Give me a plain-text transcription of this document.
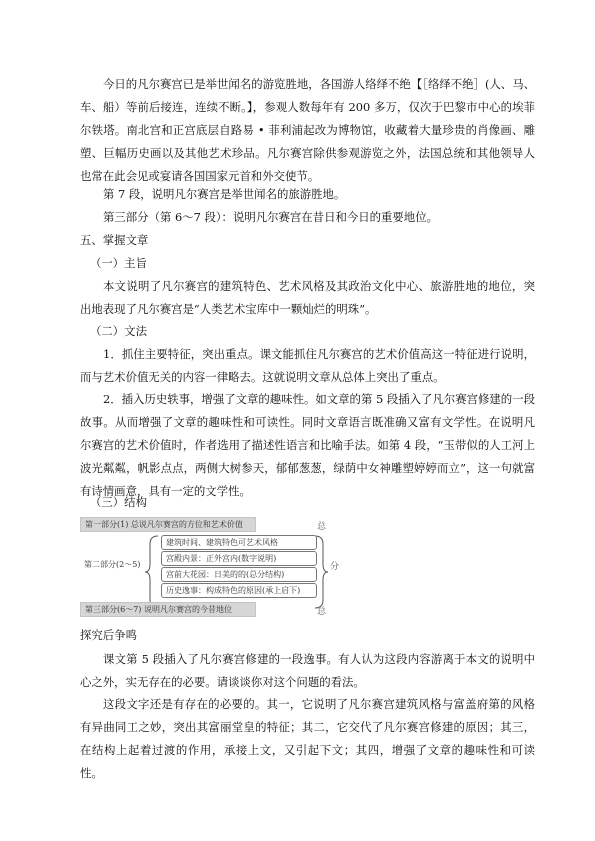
今日的凡尔赛宫已是举世闻名的游览胜地，各国游人络绎不绝【［络绎不绝］(人、马、车、船）等前后接连，连续不断。】，参观人数每年有 200 多万，仅次于巴黎市中心的埃菲尔铁塔。南北宫和正宫底层自路易 • 菲利浦起改为博物馆，收藏着大量珍贵的肖像画、雕塑、巨幅历史画以及其他艺术珍品。凡尔赛宫除供参观游览之外，法国总统和其他领导人也常在此会见或宴请各国国家元首和外交使节。

第 7 段，说明凡尔赛宫是举世闻名的旅游胜地。

第三部分（第 6～7 段）：说明凡尔赛宫在昔日和今日的重要地位。

五、掌握文章

（一）主旨

本文说明了凡尔赛宫的建筑特色、艺术风格及其政治文化中心、旅游胜地的地位，突出地表现了凡尔赛宫是“人类艺术宝库中一颗灿烂的明珠”。

（二）文法

1．抓住主要特征，突出重点。课文能抓住凡尔赛宫的艺术价值高这一特征进行说明，而与艺术价值无关的内容一律略去。这就说明文章从总体上突出了重点。

2．插入历史轶事，增强了文章的趣味性。如文章的第 5 段插入了凡尔赛宫修建的一段故事。从而增强了文章的趣味性和可读性。同时文章语言既准确又富有文学性。在说明凡尔赛宫的艺术价值时，作者选用了描述性语言和比喻手法。如第 4 段，“玉带似的人工河上波光粼粼，帆影点点，两侧大树参天，郁郁葱葱，绿荫中女神雕塑婷婷而立”，这一句就富有诗情画意，具有一定的文学性。

（三）结构

第一部分(1) 总说凡尔赛宫的方位和艺术价值
第二部分(2～5)
建筑时间、建筑特色可艺术风格
宫殿内景：正外宫内(数字说明)
宫前大花园：日美的的(总分结构)
历史逸事：构成特色的原因(承上启下)
第三部分(6～7) 说明凡尔赛宫的今昔地位
总
分
总

探究后争鸣

课文第 5 段插入了凡尔赛宫修建的一段逸事。有人认为这段内容游离于本文的说明中心之外，实无存在的必要。请谈谈你对这个问题的看法。

这段文字还是有存在的必要的。其一，它说明了凡尔赛宫建筑风格与富盖府第的风格有异曲同工之妙，突出其富丽堂皇的特征；其二，它交代了凡尔赛宫修建的原因；其三，在结构上起着过渡的作用，承接上文，又引起下文；其四，增强了文章的趣味性和可读性。
